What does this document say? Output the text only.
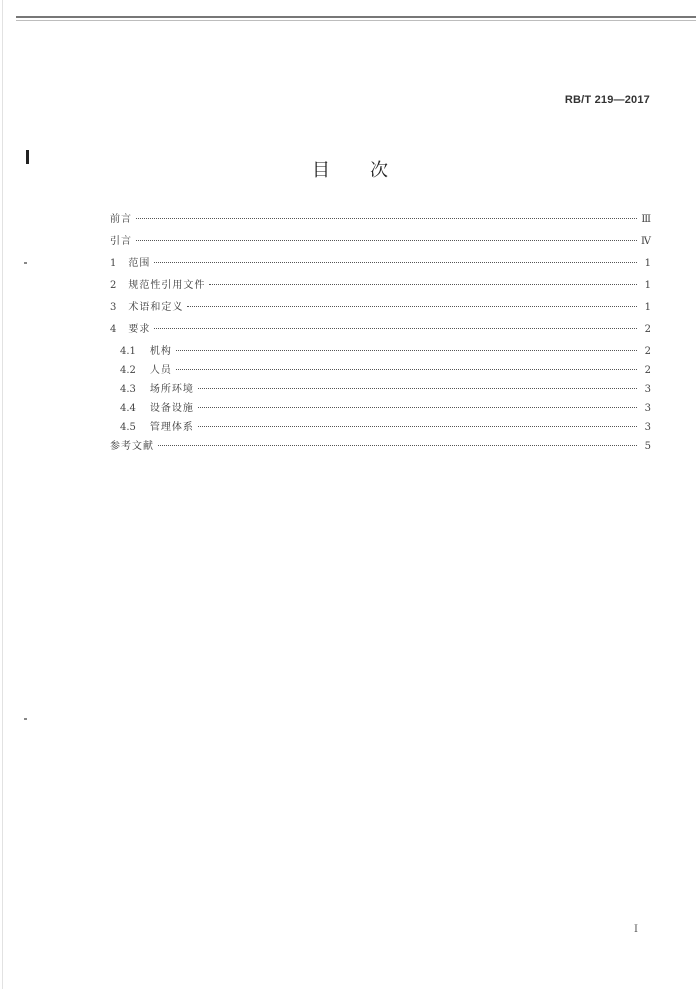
RB/T 219—2017
目次
前言	Ⅲ
引言	Ⅳ
1 范围	1
2 规范性引用文件	1
3 术语和定义	1
4 要求	2
4.1 机构	2
4.2 人员	2
4.3 场所环境	3
4.4 设备设施	3
4.5 管理体系	3
参考文献	5
I
